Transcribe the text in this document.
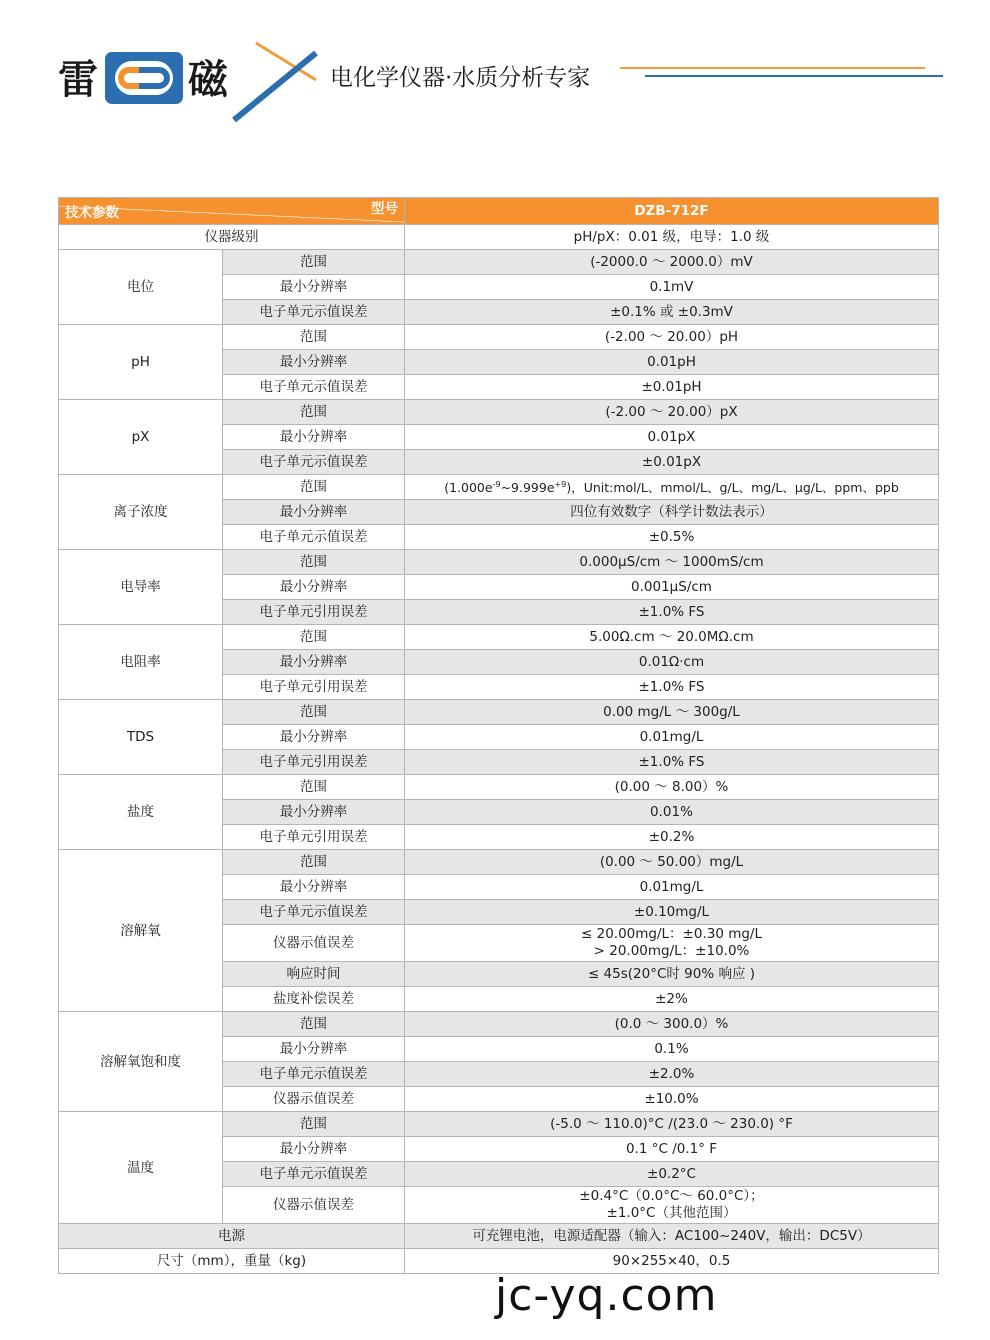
雷 磁	电化学仪器·水质分析专家
技术参数 型号		DZB-712F
仪器级别		pH/pX：0.01 级，电导：1.0 级
电位	范围	(-2000.0 ～ 2000.0）mV
	最小分辨率	0.1mV
	电子单元示值误差	±0.1% 或 ±0.3mV
pH	范围	(-2.00 ～ 20.00）pH
	最小分辨率	0.01pH
	电子单元示值误差	±0.01pH
pX	范围	(-2.00 ～ 20.00）pX
	最小分辨率	0.01pX
	电子单元示值误差	±0.01pX
离子浓度	范围	$(1.000e^{-9}\sim 9.999e^{+9})$，Unit:mol/L、mmol/L、g/L、mg/L、μg/L、ppm、ppb
	最小分辨率	四位有效数字（科学计数法表示）
	电子单元示值误差	±0.5%
电导率	范围	0.000μS/cm ～ 1000mS/cm
	最小分辨率	0.001μS/cm
	电子单元引用误差	±1.0% FS
电阻率	范围	5.00Ω.cm ～ 20.0MΩ.cm
	最小分辨率	0.01Ω·cm
	电子单元引用误差	±1.0% FS
TDS	范围	0.00 mg/L ～ 300g/L
	最小分辨率	0.01mg/L
	电子单元引用误差	±1.0% FS
盐度	范围	(0.00 ～ 8.00）%
	最小分辨率	0.01%
	电子单元引用误差	±0.2%
溶解氧	范围	(0.00 ～ 50.00）mg/L
	最小分辨率	0.01mg/L
	电子单元示值误差	±0.10mg/L
	仪器示值误差	≤ 20.00mg/L：±0.30 mg/L
> 20.00mg/L：±10.0%

	响应时间	≤ 45s(20°C时 90% 响应 )
	盐度补偿误差	±2%
溶解氧饱和度	范围	(0.0 ～ 300.0）%
	最小分辨率	0.1%
	电子单元示值误差	±2.0%
	仪器示值误差	±10.0%
温度	范围	(-5.0 ～ 110.0)°C /(23.0 ～ 230.0) °F
	最小分辨率	0.1 °C /0.1° F
	电子单元示值误差	±0.2°C
	仪器示值误差	±0.4°C（0.0°C～ 60.0°C）；
±1.0°C（其他范围）

电源		可充锂电池，电源适配器（输入：AC100~240V，输出：DC5V）
尺寸（mm），重量（kg)		90×255×40，0.5
jc-yq.com
